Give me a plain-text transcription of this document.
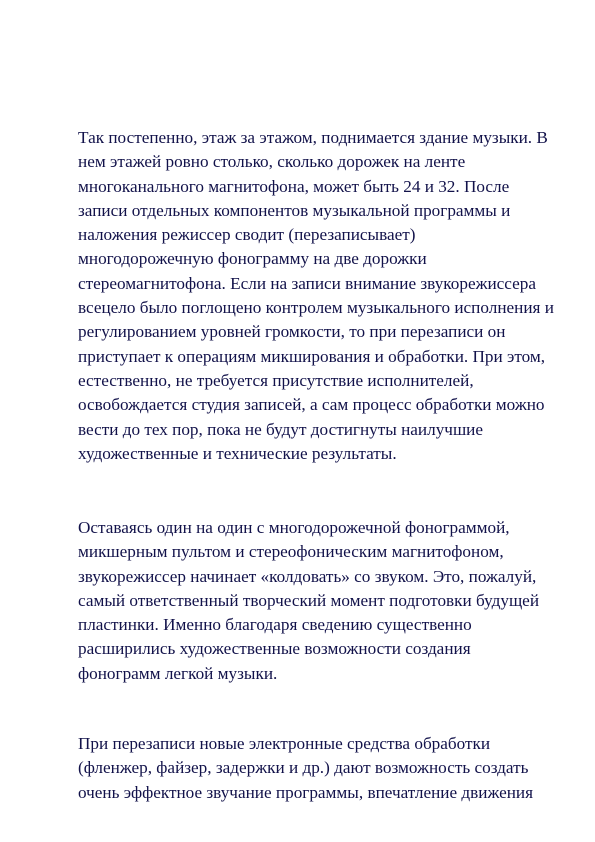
Так постепенно, этаж за этажом, поднимается здание музыки. В
нем этажей ровно столько, сколько дорожек на ленте
многоканального магнитофона, может быть 24 и 32. После
записи отдельных компонентов музыкальной программы и
наложения режиссер сводит (перезаписывает)
многодорожечную фонограмму на две дорожки
стереомагнитофона. Если на записи внимание звукорежиссера
всецело было поглощено контролем музыкального исполнения и
регулированием уровней громкости, то при перезаписи он
приступает к операциям микширования и обработки. При этом,
естественно, не требуется присутствие исполнителей,
освобождается студия записей, а сам процесс обработки можно
вести до тех пор, пока не будут достигнуты наилучшие
художественные и технические результаты.

Оставаясь один на один с многодорожечной фонограммой,
микшерным пультом и стереофоническим магнитофоном,
звукорежиссер начинает «колдовать» со звуком. Это, пожалуй,
самый ответственный творческий момент подготовки будущей
пластинки. Именно благодаря сведению существенно
расширились художественные возможности создания
фонограмм легкой музыки.

При перезаписи новые электронные средства обработки
(фленжер, файзер, задержки и др.) дают возможность создать
очень эффектное звучание программы, впечатление движения
